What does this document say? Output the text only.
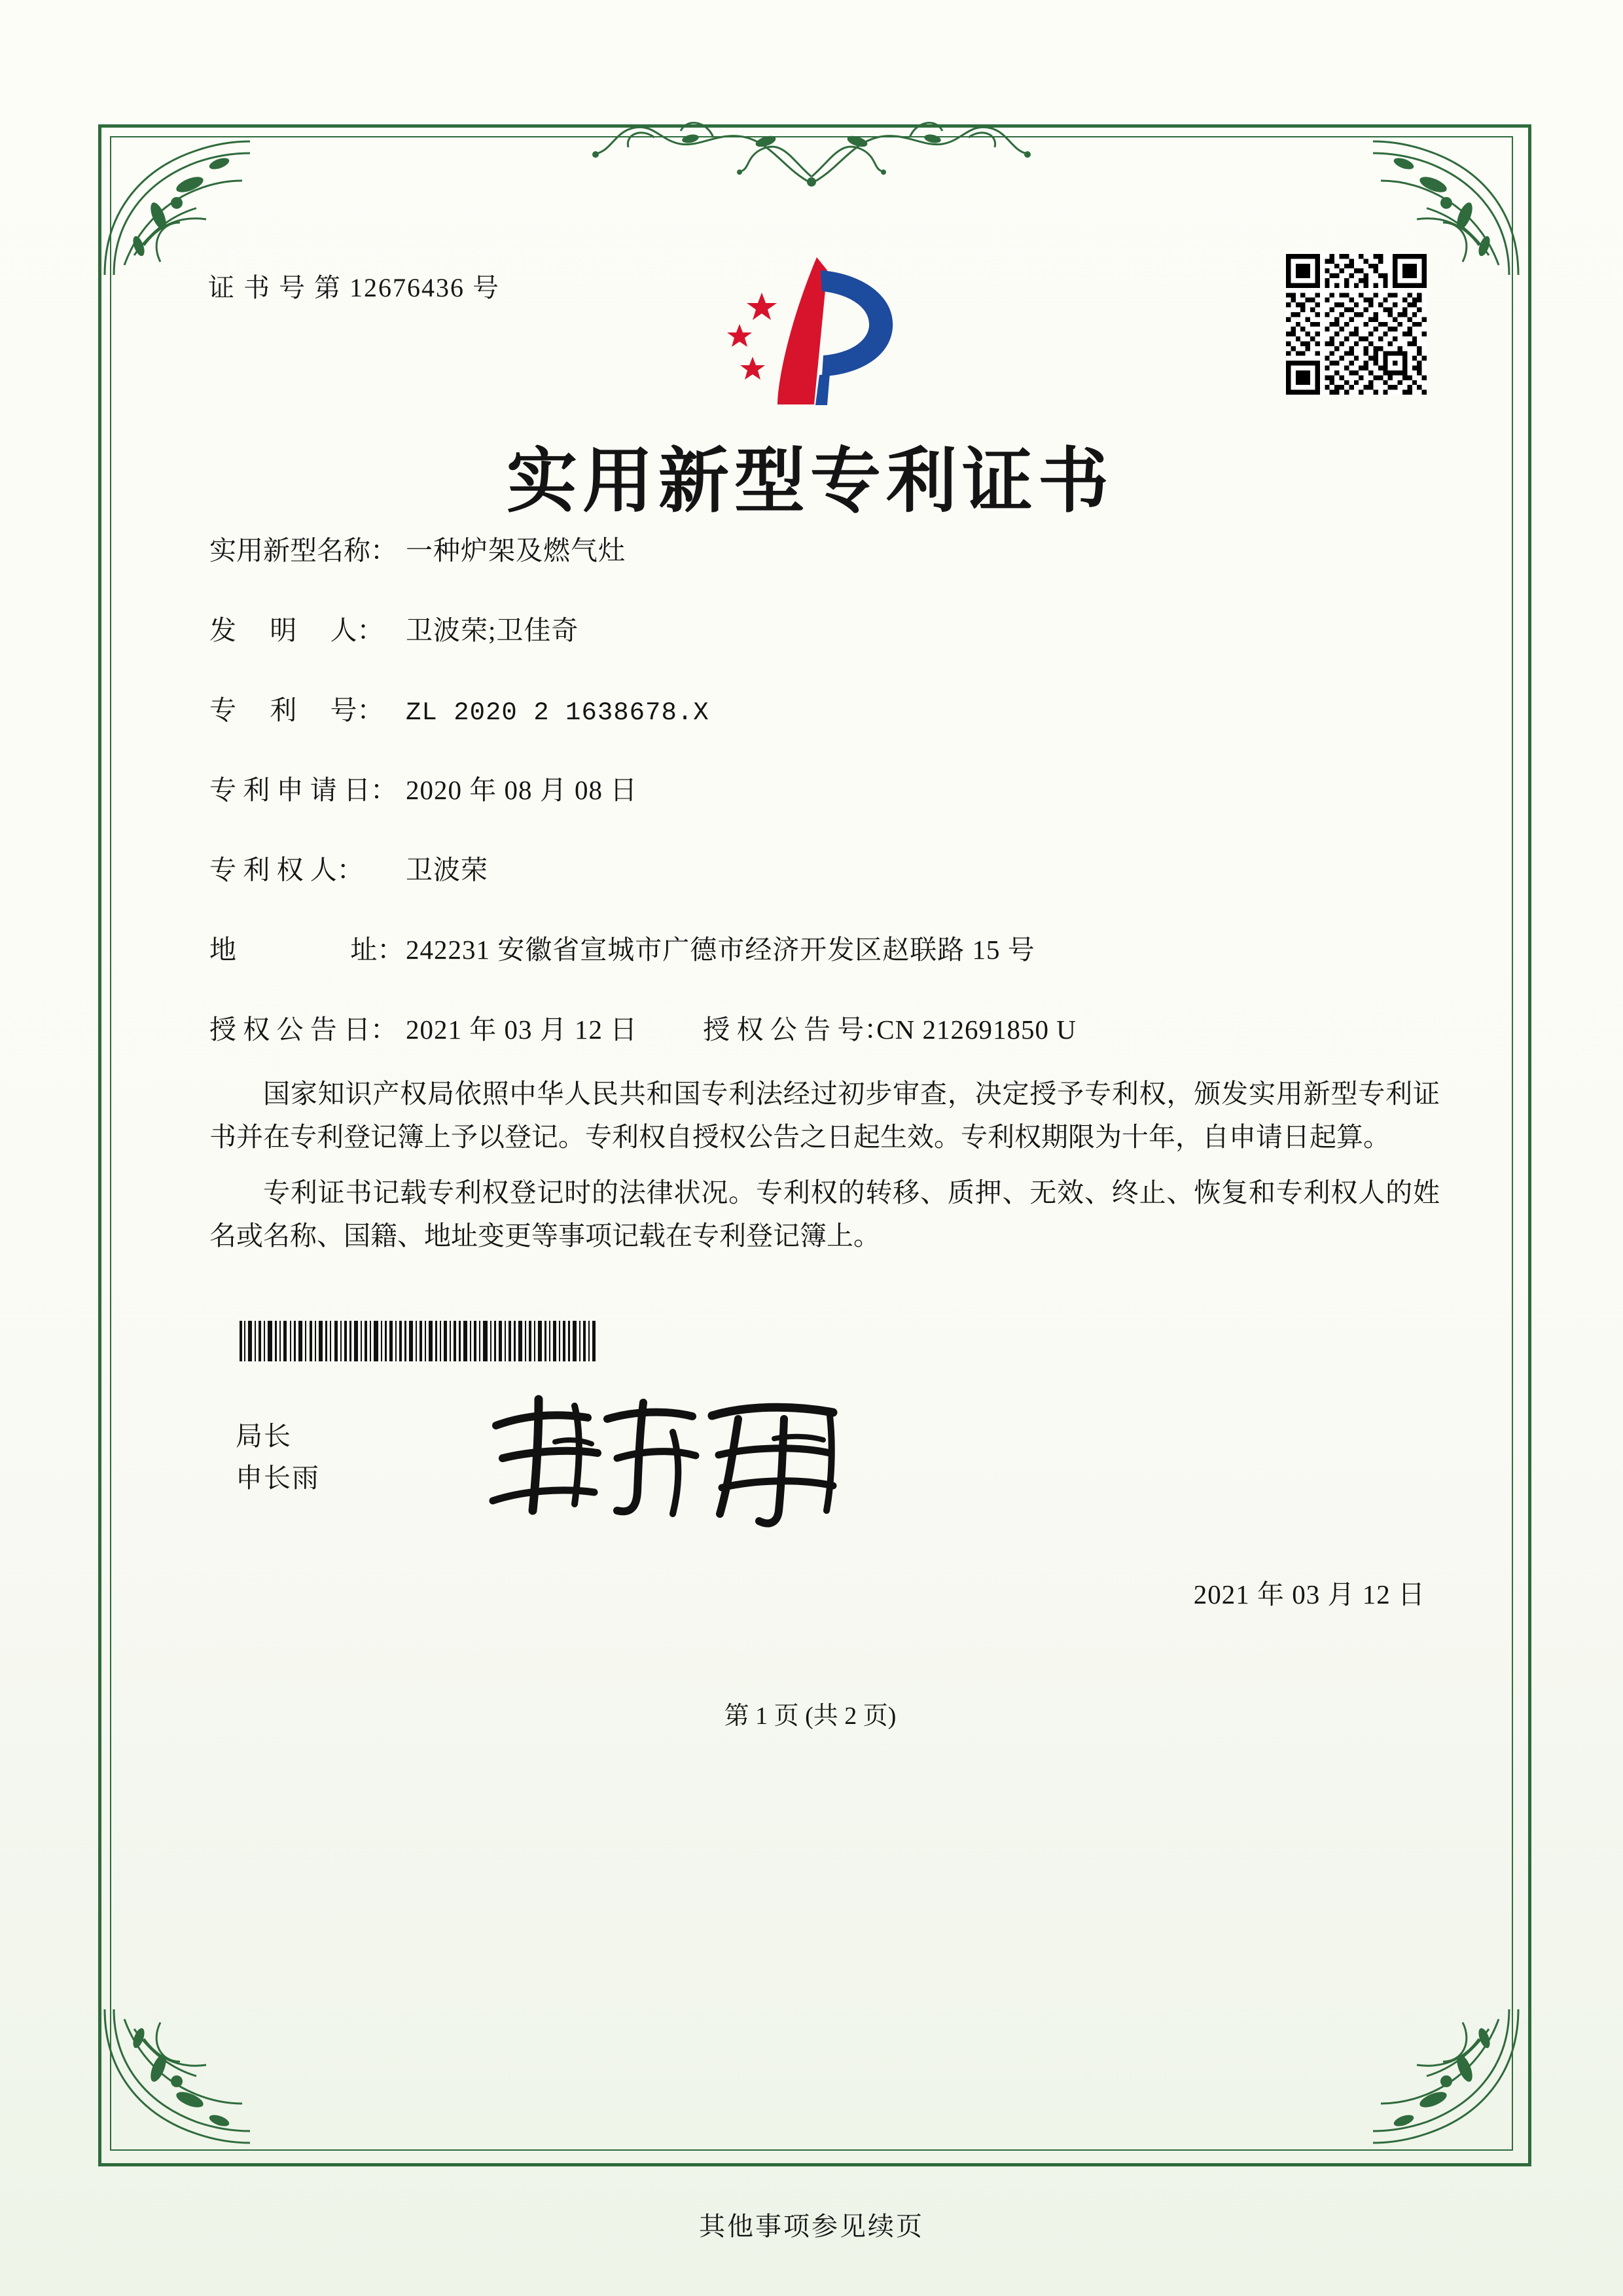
证 书 号 第 12676436 号
实用新型专利证书
实用新型名称： 一种炉架及燃气灶
发　 明　 人： 卫波荣;卫佳奇
专　 利　 号： ZL 2020 2 1638678.X
专 利 申 请 日： 2020 年 08 月 08 日
专 利 权 人：	卫波荣
地　　　　 址： 242231 安徽省宣城市广德市经济开发区赵联路 15 号
授 权 公 告 日： 2021 年 03 月 12 日 授 权 公 告 号：
CN 212691850 U

国家知识产权局依照中华人民共和国专利法经过初步审查，决定授予专利权，颁发实用新型专利证书并在专利登记簿上予以登记。专利权自授权公告之日起生效。专利权期限为十年，自申请日起算。

专利证书记载专利权登记时的法律状况。专利权的转移、质押、无效、终止、恢复和专利权人的姓名或名称、国籍、地址变更等事项记载在专利登记簿上。

局长
申长雨
2021 年 03 月 12 日
第 1 页 (共 2 页)
其他事项参见续页
